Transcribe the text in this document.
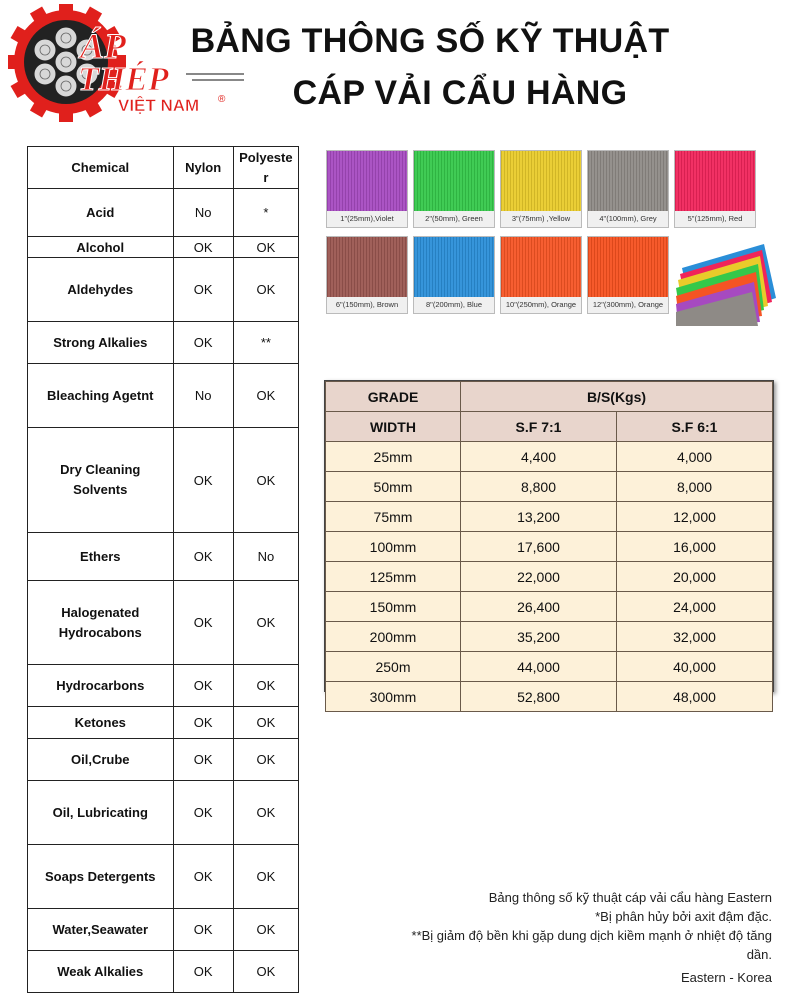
ÁP
THÉP
VIỆT NAM ®
BẢNG THÔNG SỐ KỸ THUẬT
CÁP VẢI CẨU HÀNG
Chemical	Nylon	Polyeste
r

Acid	No	*
Alcohol	OK	OK
Aldehydes	OK	OK
Strong Alkalies	OK	**
Bleaching Agetnt	No	OK

Dry Cleaning
Solvents	OK	OK
Ethers	OK	No

Halogenated
Hydrocabons	OK	OK
Hydrocarbons	OK	OK
Ketones	OK	OK
Oil,Crube	OK	OK
Oil, Lubricating	OK	OK
Soaps Detergents	OK	OK
Water,Seawater	OK	OK
Weak Alkalies	OK	OK
1"(25mm),Violet	2"(50mm), Green	3"(75mm) ,Yellow	4"(100mm), Grey	5"(125mm), Red
6"(150mm), Brown	8"(200mm), Blue	10"(250mm), Orange	12"(300mm), Orange
GRADE	B/S(Kgs)	
WIDTH	S.F 7:1	S.F 6:1
25mm	4,400	4,000
50mm	8,800	8,000
75mm	13,200	12,000
100mm	17,600	16,000
125mm	22,000	20,000
150mm	26,400	24,000
200mm	35,200	32,000
250m	44,000	40,000
300mm	52,800	48,000
Bảng thông số kỹ thuật cáp vải cẩu hàng Eastern
*Bị phân hủy bởi axit đậm đặc.
**Bị giảm độ bền khi gặp dung dịch kiềm mạnh ở nhiệt độ tăng
dần.
Eastern - Korea
